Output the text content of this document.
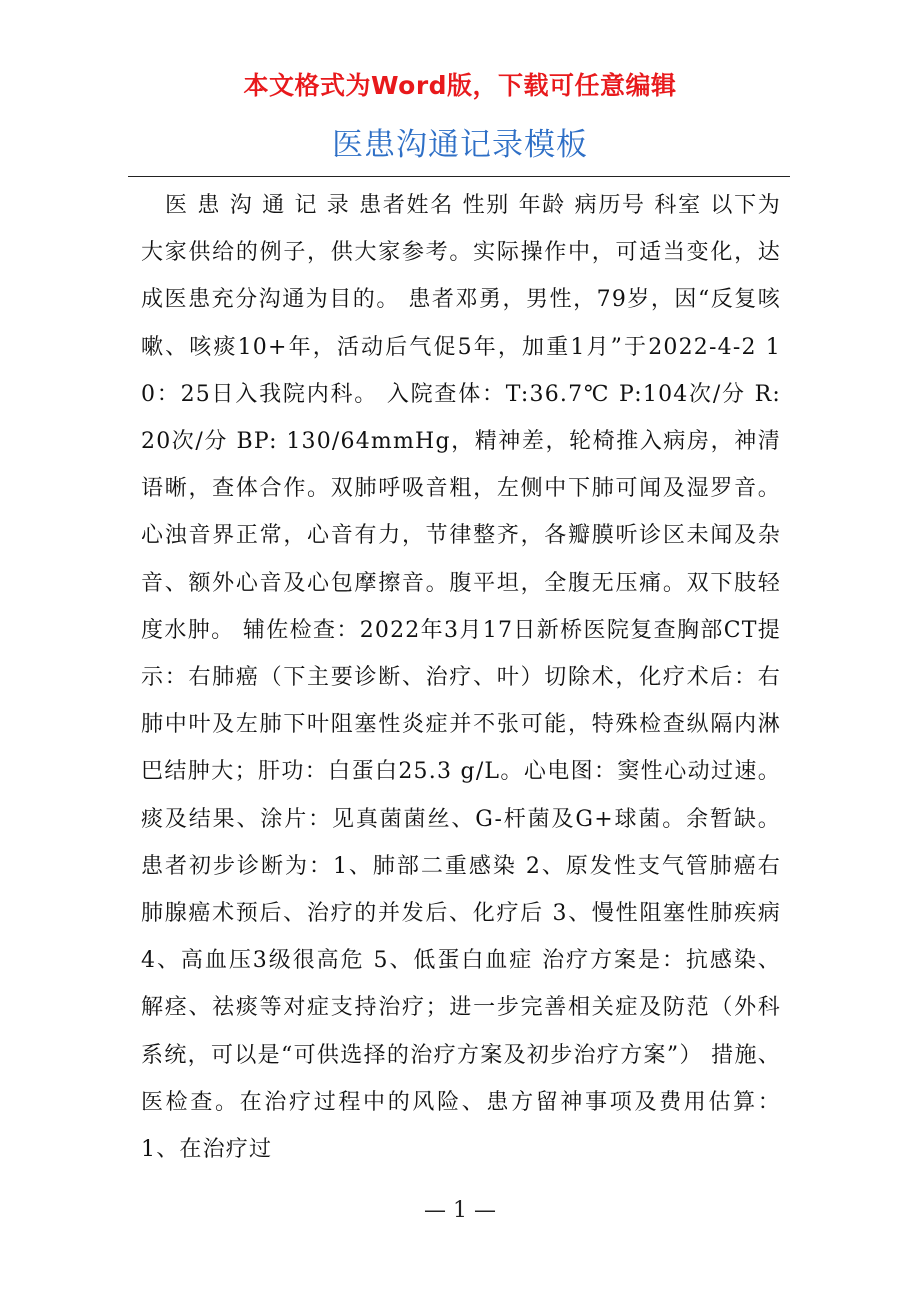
本文格式为Word版，下载可任意编辑
医患沟通记录模板

医 患 沟 通 记 录 患者姓名 性别 年龄 病历号 科室 以下为大家供给的例子，供大家参考。实际操作中，可适当变化，达成医患充分沟通为目的。 患者邓勇，男性，79岁，因“反复咳嗽、咳痰10+年，活动后气促5年，加重1月”于2022-4-2 10：25日入我院内科。 入院查体：T:36.7℃ P:104次/分 R:20次/分 BP: 130/64mmHg，精神差，轮椅推入病房，神清语晰，查体合作。双肺呼吸音粗，左侧中下肺可闻及湿罗音。心浊音界正常，心音有力，节律整齐，各瓣膜听诊区未闻及杂音、额外心音及心包摩擦音。腹平坦，全腹无压痛。双下肢轻度水肿。 辅佐检查：2022年3月17日新桥医院复查胸部CT提示：右肺癌（下主要诊断、治疗、叶）切除术，化疗术后：右肺中叶及左肺下叶阻塞性炎症并不张可能，特殊检查纵隔内淋巴结肿大；肝功：白蛋白25.3 g/L。心电图：窦性心动过速。痰及结果、涂片：见真菌菌丝、G-杆菌及G+球菌。余暂缺。 患者初步诊断为：1、肺部二重感染 2、原发性支气管肺癌右肺腺癌术预后、治疗的并发后、化疗后 3、慢性阻塞性肺疾病 4、高血压3级很高危 5、低蛋白血症 治疗方案是：抗感染、解痉、祛痰等对症支持治疗；进一步完善相关症及防范（外科系统，可以是“可供选择的治疗方案及初步治疗方案”） 措施、医检查。在治疗过程中的风险、患方留神事项及费用估算：1、在治疗过

— 1 —
